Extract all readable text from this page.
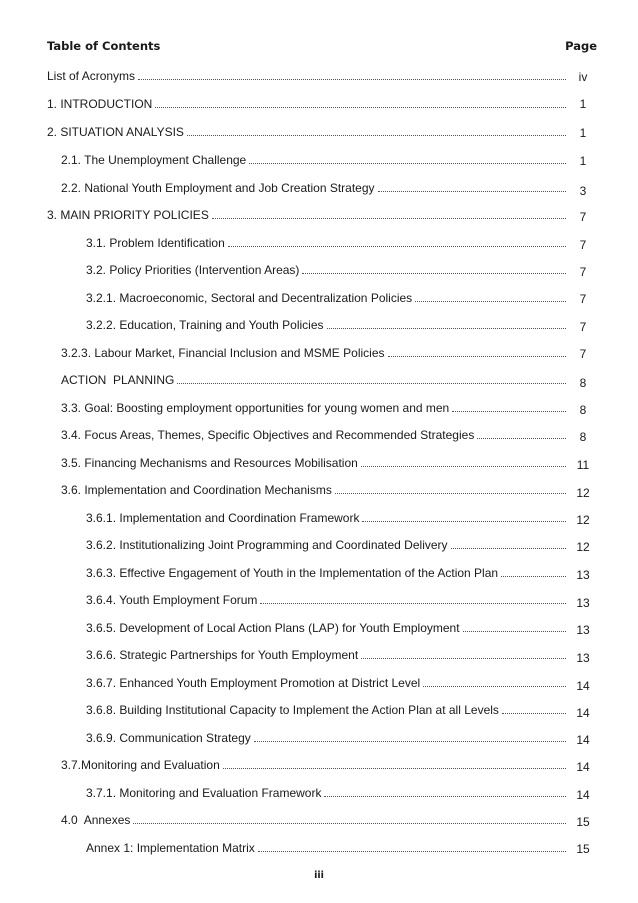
Table of Contents	Page
List of Acronyms	iv
1. INTRODUCTION	1
2. SITUATION ANALYSIS	1
2.1. The Unemployment Challenge	1
2.2. National Youth Employment and Job Creation Strategy	3
3. MAIN PRIORITY POLICIES	7
3.1. Problem Identification	7
3.2. Policy Priorities (Intervention Areas)	7
3.2.1. Macroeconomic, Sectoral and Decentralization Policies	7
3.2.2. Education, Training and Youth Policies	7
3.2.3. Labour Market, Financial Inclusion and MSME Policies	7
ACTION  PLANNING	8
3.3. Goal: Boosting employment opportunities for young women and men	8
3.4. Focus Areas, Themes, Specific Objectives and Recommended Strategies	8
3.5. Financing Mechanisms and Resources Mobilisation	11
3.6. Implementation and Coordination Mechanisms	12
3.6.1. Implementation and Coordination Framework	12
3.6.2. Institutionalizing Joint Programming and Coordinated Delivery	12
3.6.3. Effective Engagement of Youth in the Implementation of the Action Plan	13
3.6.4. Youth Employment Forum	13
3.6.5. Development of Local Action Plans (LAP) for Youth Employment	13
3.6.6. Strategic Partnerships for Youth Employment	13
3.6.7. Enhanced Youth Employment Promotion at District Level	14
3.6.8. Building Institutional Capacity to Implement the Action Plan at all Levels	14
3.6.9. Communication Strategy	14
3.7.Monitoring and Evaluation	14
3.7.1. Monitoring and Evaluation Framework	14
4.0  Annexes	15
Annex 1: Implementation Matrix	15
iii
